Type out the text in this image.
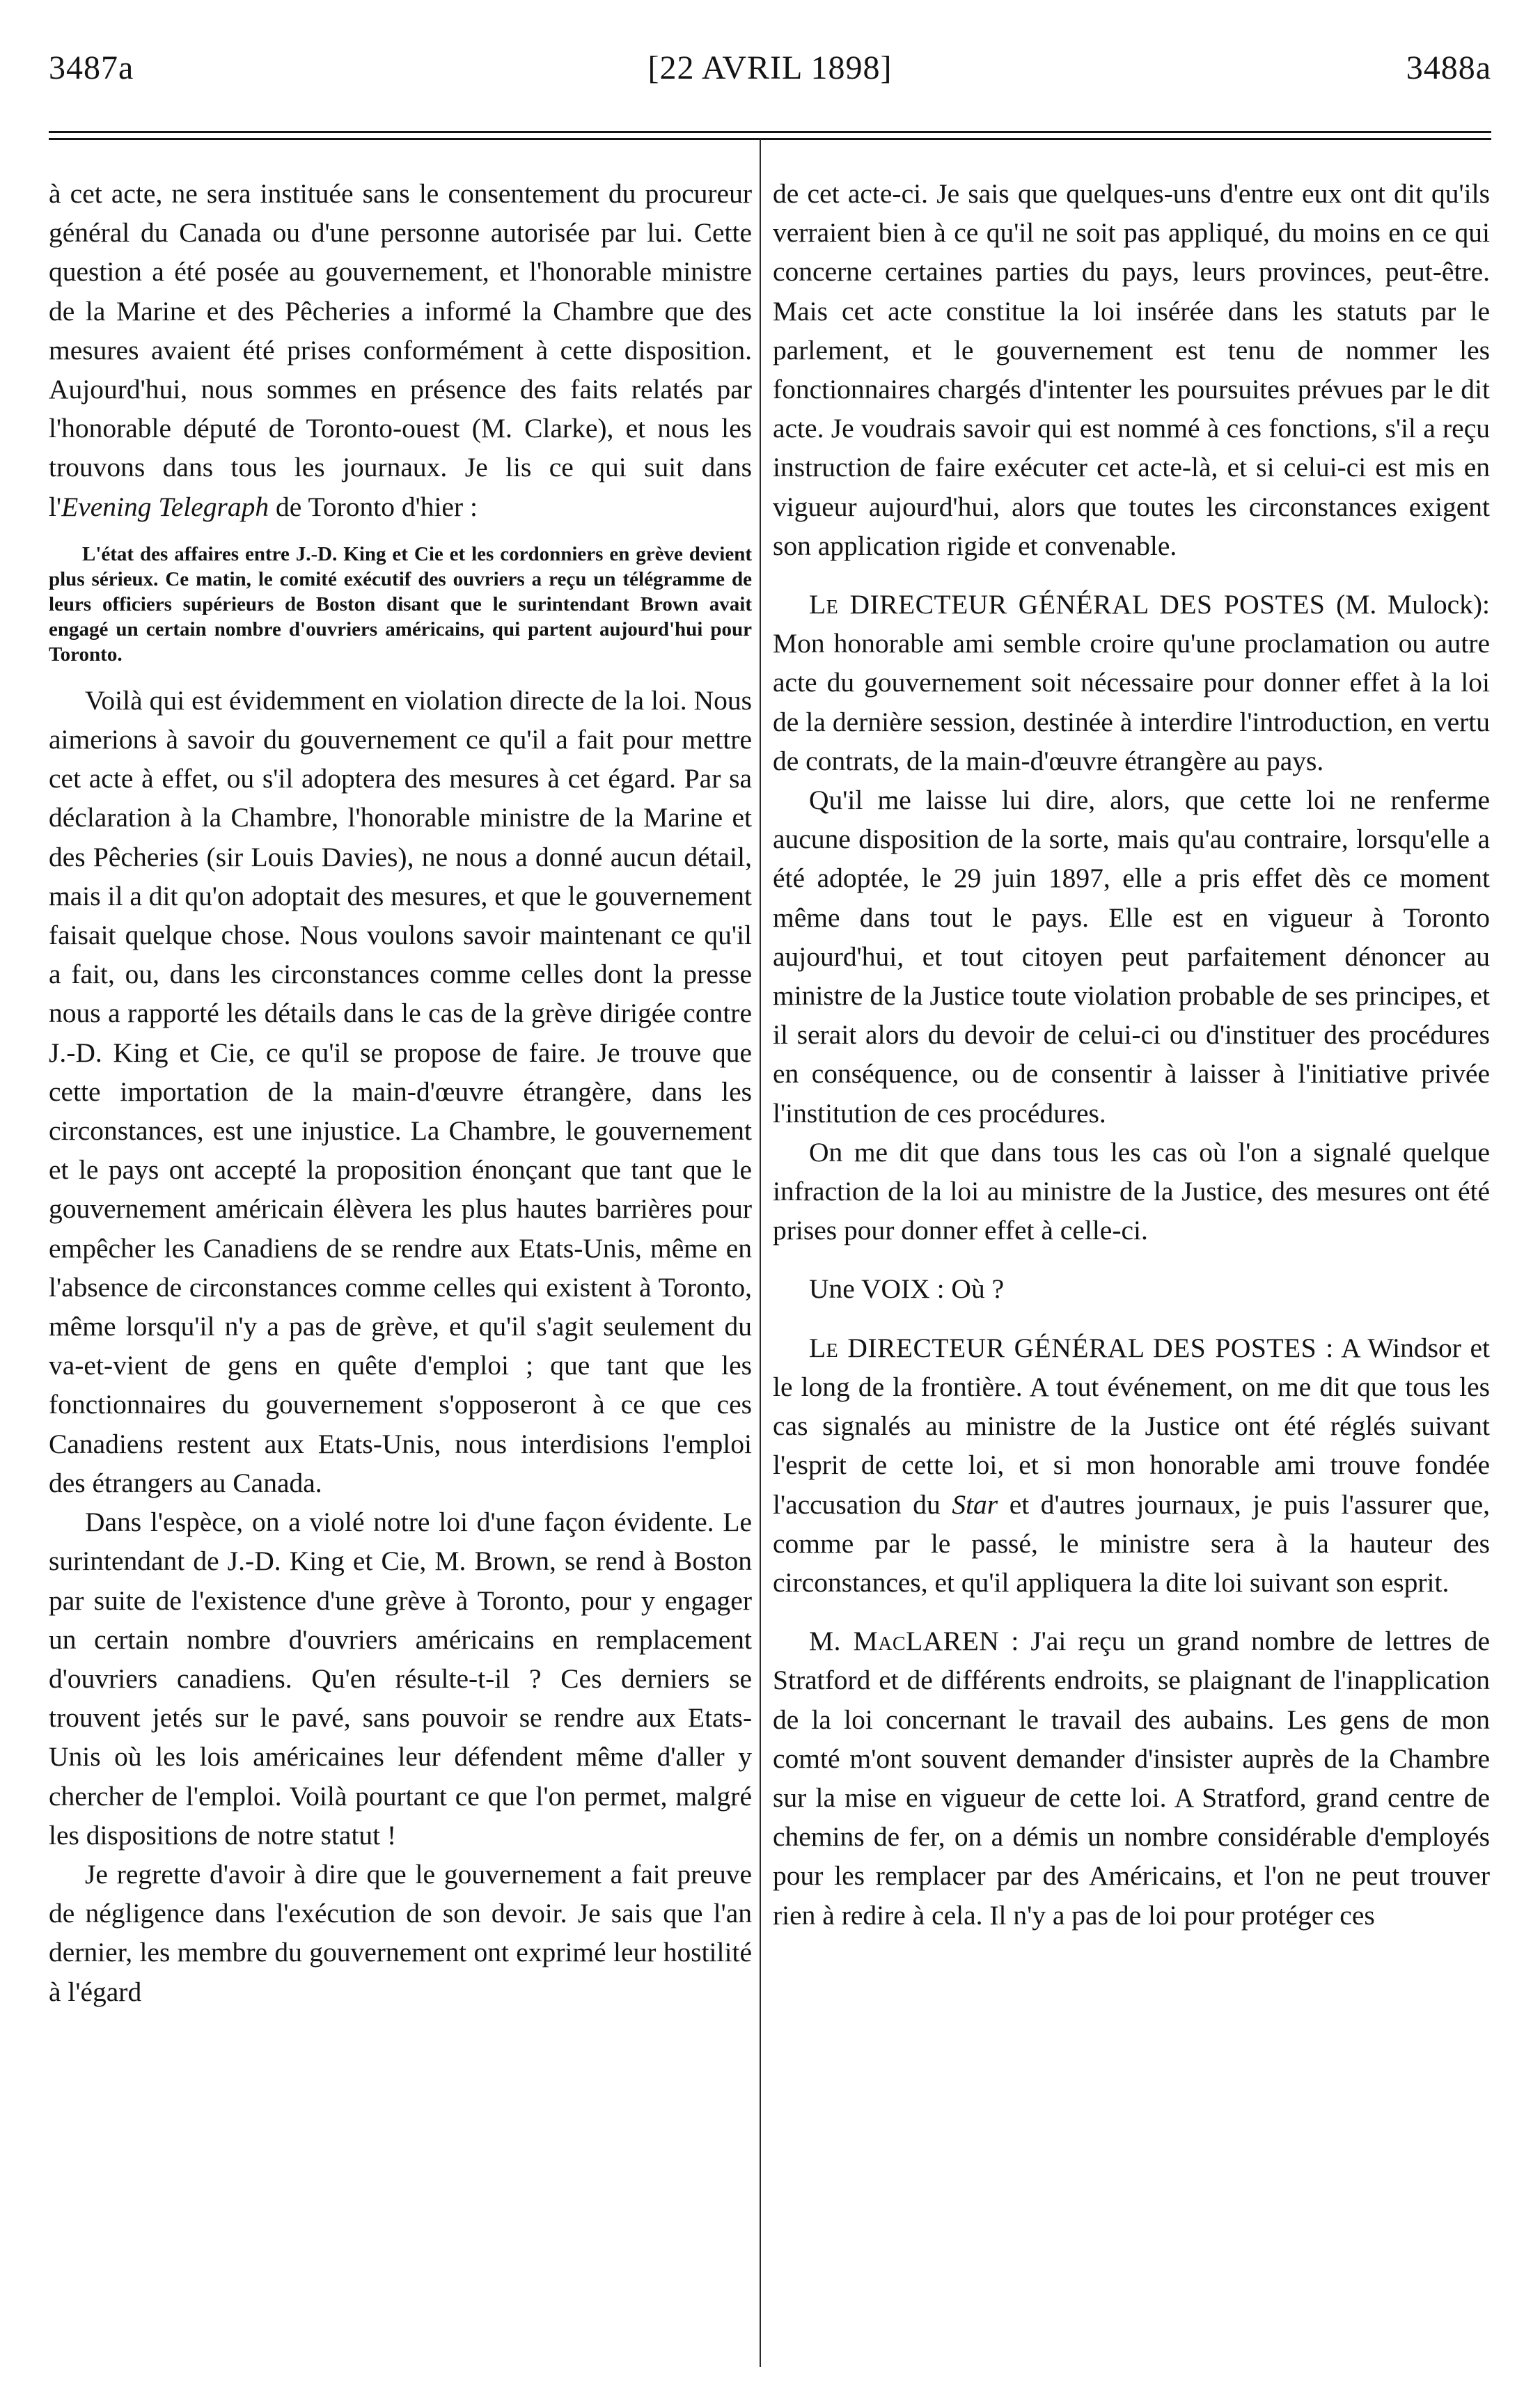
3487a	[22 AVRIL 1898]	3488a

à cet acte, ne sera instituée sans le consentement du procureur général du Canada ou d'une personne autorisée par lui. Cette question a été posée au gouvernement, et l'honorable ministre de la Marine et des Pêcheries a informé la Chambre que des mesures avaient été prises conformément à cette disposition. Aujourd'hui, nous sommes en présence des faits relatés par l'honorable député de Toronto-ouest (M. Clarke), et nous les trouvons dans tous les journaux. Je lis ce qui suit dans l'Evening Telegraph de Toronto d'hier :

L'état des affaires entre J.-D. King et Cie et les cordonniers en grève devient plus sérieux. Ce matin, le comité exécutif des ouvriers a reçu un télégramme de leurs officiers supérieurs de Boston disant que le surintendant Brown avait engagé un certain nombre d'ouvriers américains, qui partent aujourd'hui pour Toronto.

Voilà qui est évidemment en violation directe de la loi. Nous aimerions à savoir du gouvernement ce qu'il a fait pour mettre cet acte à effet, ou s'il adoptera des mesures à cet égard. Par sa déclaration à la Chambre, l'honorable ministre de la Marine et des Pêcheries (sir Louis Davies), ne nous a donné aucun détail, mais il a dit qu'on adoptait des mesures, et que le gouvernement faisait quelque chose. Nous voulons savoir maintenant ce qu'il a fait, ou, dans les circonstances comme celles dont la presse nous a rapporté les détails dans le cas de la grève dirigée contre J.-D. King et Cie, ce qu'il se propose de faire. Je trouve que cette importation de la main-d'œuvre étrangère, dans les circonstances, est une injustice. La Chambre, le gouvernement et le pays ont accepté la proposition énonçant que tant que le gouvernement américain élèvera les plus hautes barrières pour empêcher les Canadiens de se rendre aux Etats-Unis, même en l'absence de circonstances comme celles qui existent à Toronto, même lorsqu'il n'y a pas de grève, et qu'il s'agit seulement du va-et-vient de gens en quête d'emploi ; que tant que les fonctionnaires du gouvernement s'opposeront à ce que ces Canadiens restent aux Etats-Unis, nous interdisions l'emploi des étrangers au Canada.

Dans l'espèce, on a violé notre loi d'une façon évidente. Le surintendant de J.-D. King et Cie, M. Brown, se rend à Boston par suite de l'existence d'une grève à Toronto, pour y engager un certain nombre d'ouvriers américains en remplacement d'ouvriers canadiens. Qu'en résulte-t-il ? Ces derniers se trouvent jetés sur le pavé, sans pouvoir se rendre aux Etats-Unis où les lois américaines leur défendent même d'aller y chercher de l'emploi. Voilà pourtant ce que l'on permet, malgré les dispositions de notre statut !

Je regrette d'avoir à dire que le gouvernement a fait preuve de négligence dans l'exécution de son devoir. Je sais que l'an dernier, les membre du gouvernement ont exprimé leur hostilité à l'égard

de cet acte-ci. Je sais que quelques-uns d'entre eux ont dit qu'ils verraient bien à ce qu'il ne soit pas appliqué, du moins en ce qui concerne certaines parties du pays, leurs provinces, peut-être. Mais cet acte constitue la loi insérée dans les statuts par le parlement, et le gouvernement est tenu de nommer les fonctionnaires chargés d'intenter les poursuites prévues par le dit acte. Je voudrais savoir qui est nommé à ces fonctions, s'il a reçu instruction de faire exécuter cet acte-là, et si celui-ci est mis en vigueur aujourd'hui, alors que toutes les circonstances exigent son application rigide et convenable.

Le DIRECTEUR GÉNÉRAL DES POSTES (M. Mulock): Mon honorable ami semble croire qu'une proclamation ou autre acte du gouvernement soit nécessaire pour donner effet à la loi de la dernière session, destinée à interdire l'introduction, en vertu de contrats, de la main-d'œuvre étrangère au pays.

Qu'il me laisse lui dire, alors, que cette loi ne renferme aucune disposition de la sorte, mais qu'au contraire, lorsqu'elle a été adoptée, le 29 juin 1897, elle a pris effet dès ce moment même dans tout le pays. Elle est en vigueur à Toronto aujourd'hui, et tout citoyen peut parfaitement dénoncer au ministre de la Justice toute violation probable de ses principes, et il serait alors du devoir de celui-ci ou d'instituer des procédures en conséquence, ou de consentir à laisser à l'initiative privée l'institution de ces procédures.

On me dit que dans tous les cas où l'on a signalé quelque infraction de la loi au ministre de la Justice, des mesures ont été prises pour donner effet à celle-ci.

Une VOIX : Où ?

Le DIRECTEUR GÉNÉRAL DES POSTES : A Windsor et le long de la frontière. A tout événement, on me dit que tous les cas signalés au ministre de la Justice ont été réglés suivant l'esprit de cette loi, et si mon honorable ami trouve fondée l'accusation du Star et d'autres journaux, je puis l'assurer que, comme par le passé, le ministre sera à la hauteur des circonstances, et qu'il appliquera la dite loi suivant son esprit.

M. MacLAREN : J'ai reçu un grand nombre de lettres de Stratford et de différents endroits, se plaignant de l'inapplication de la loi concernant le travail des aubains. Les gens de mon comté m'ont souvent demander d'insister auprès de la Chambre sur la mise en vigueur de cette loi. A Stratford, grand centre de chemins de fer, on a démis un nombre considérable d'employés pour les remplacer par des Américains, et l'on ne peut trouver rien à redire à cela. Il n'y a pas de loi pour protéger ces
